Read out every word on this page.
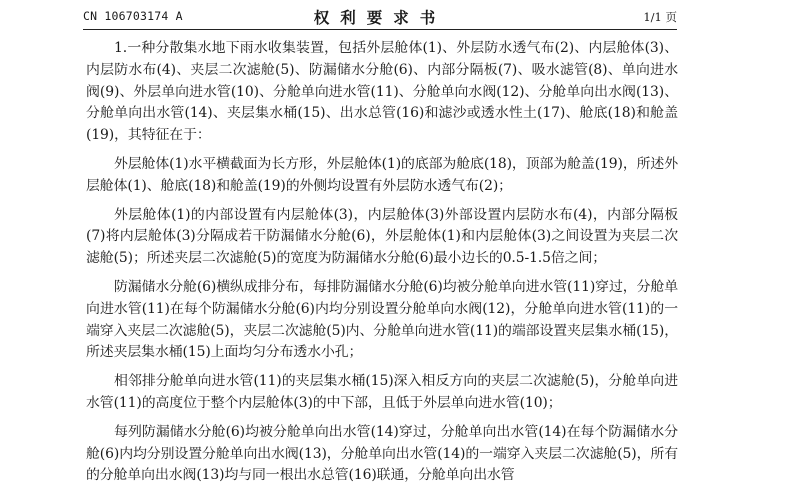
CN 106703174 A	权利要求书	1/1 页

1.一种分散集水地下雨水收集装置，包括外层舱体(1)、外层防水透气布(2)、内层舱体(3)、内层防水布(4)、夹层二次滤舱(5)、防漏储水分舱(6)、内部分隔板(7)、吸水滤管(8)、单向进水阀(9)、外层单向进水管(10)、分舱单向进水管(11)、分舱单向水阀(12)、分舱单向出水阀(13)、分舱单向出水管(14)、夹层集水桶(15)、出水总管(16)和滤沙或透水性土(17)、舱底(18)和舱盖(19)，其特征在于：

外层舱体(1)水平横截面为长方形，外层舱体(1)的底部为舱底(18)，顶部为舱盖(19)，所述外层舱体(1)、舱底(18)和舱盖(19)的外侧均设置有外层防水透气布(2)；

外层舱体(1)的内部设置有内层舱体(3)，内层舱体(3)外部设置内层防水布(4)，内部分隔板(7)将内层舱体(3)分隔成若干防漏储水分舱(6)，外层舱体(1)和内层舱体(3)之间设置为夹层二次滤舱(5)；所述夹层二次滤舱(5)的宽度为防漏储水分舱(6)最小边长的0.5-1.5倍之间；

防漏储水分舱(6)横纵成排分布，每排防漏储水分舱(6)均被分舱单向进水管(11)穿过，分舱单向进水管(11)在每个防漏储水分舱(6)内均分别设置分舱单向水阀(12)，分舱单向进水管(11)的一端穿入夹层二次滤舱(5)，夹层二次滤舱(5)内、分舱单向进水管(11)的端部设置夹层集水桶(15)，所述夹层集水桶(15)上面均匀分布透水小孔；

相邻排分舱单向进水管(11)的夹层集水桶(15)深入相反方向的夹层二次滤舱(5)，分舱单向进水管(11)的高度位于整个内层舱体(3)的中下部，且低于外层单向进水管(10)；

每列防漏储水分舱(6)均被分舱单向出水管(14)穿过，分舱单向出水管(14)在每个防漏储水分舱(6)内均分别设置分舱单向出水阀(13)，分舱单向出水管(14)的一端穿入夹层二次滤舱(5)，所有的分舱单向出水阀(13)均与同一根出水总管(16)联通，分舱单向出水管
